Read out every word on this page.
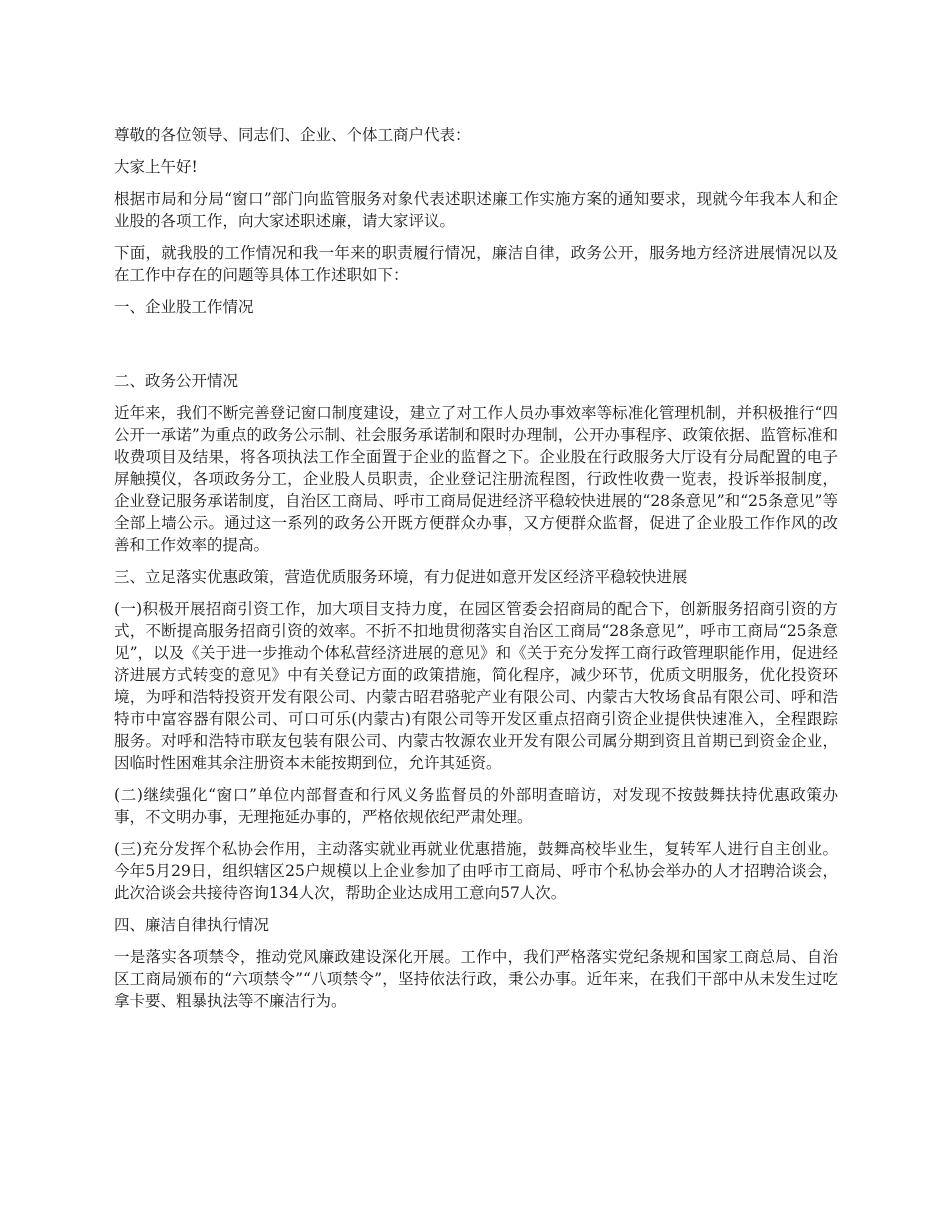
尊敬的各位领导、同志们、企业、个体工商户代表：

大家上午好!

根据市局和分局“窗口”部门向监管服务对象代表述职述廉工作实施方案的通知要求，现就今年我本人和企业股的各项工作，向大家述职述廉，请大家评议。

下面，就我股的工作情况和我一年来的职责履行情况，廉洁自律，政务公开，服务地方经济进展情况以及在工作中存在的问题等具体工作述职如下：

一、企业股工作情况

二、政务公开情况

近年来，我们不断完善登记窗口制度建设，建立了对工作人员办事效率等标准化管理机制，并积极推行“四公开一承诺”为重点的政务公示制、社会服务承诺制和限时办理制，公开办事程序、政策依据、监管标准和收费项目及结果，将各项执法工作全面置于企业的监督之下。企业股在行政服务大厅设有分局配置的电子屏触摸仪，各项政务分工，企业股人员职责，企业登记注册流程图，行政性收费一览表，投诉举报制度，企业登记服务承诺制度，自治区工商局、呼市工商局促进经济平稳较快进展的“28条意见”和“25条意见”等全部上墙公示。通过这一系列的政务公开既方便群众办事，又方便群众监督，促进了企业股工作作风的改善和工作效率的提高。

三、立足落实优惠政策，营造优质服务环境，有力促进如意开发区经济平稳较快进展

(一)积极开展招商引资工作，加大项目支持力度，在园区管委会招商局的配合下，创新服务招商引资的方式，不断提高服务招商引资的效率。不折不扣地贯彻落实自治区工商局“28条意见”，呼市工商局“25条意见”，以及《关于进一步推动个体私营经济进展的意见》和《关于充分发挥工商行政管理职能作用，促进经济进展方式转变的意见》中有关登记方面的政策措施，简化程序，减少环节，优质文明服务，优化投资环境，为呼和浩特投资开发有限公司、内蒙古昭君骆驼产业有限公司、内蒙古大牧场食品有限公司、呼和浩特市中富容器有限公司、可口可乐(内蒙古)有限公司等开发区重点招商引资企业提供快速准入，全程跟踪服务。对呼和浩特市联友包装有限公司、内蒙古牧源农业开发有限公司属分期到资且首期已到资金企业，因临时性困难其余注册资本未能按期到位，允许其延资。

(二)继续强化“窗口”单位内部督查和行风义务监督员的外部明查暗访，对发现不按鼓舞扶持优惠政策办事，不文明办事，无理拖延办事的，严格依规依纪严肃处理。

(三)充分发挥个私协会作用，主动落实就业再就业优惠措施，鼓舞高校毕业生，复转军人进行自主创业。今年5月29日，组织辖区25户规模以上企业参加了由呼市工商局、呼市个私协会举办的人才招聘洽谈会，此次洽谈会共接待咨询134人次，帮助企业达成用工意向57人次。

四、廉洁自律执行情况

一是落实各项禁令，推动党风廉政建设深化开展。工作中，我们严格落实党纪条规和国家工商总局、自治区工商局颁布的“六项禁令”“八项禁令”，坚持依法行政，秉公办事。近年来，在我们干部中从未发生过吃拿卡要、粗暴执法等不廉洁行为。
